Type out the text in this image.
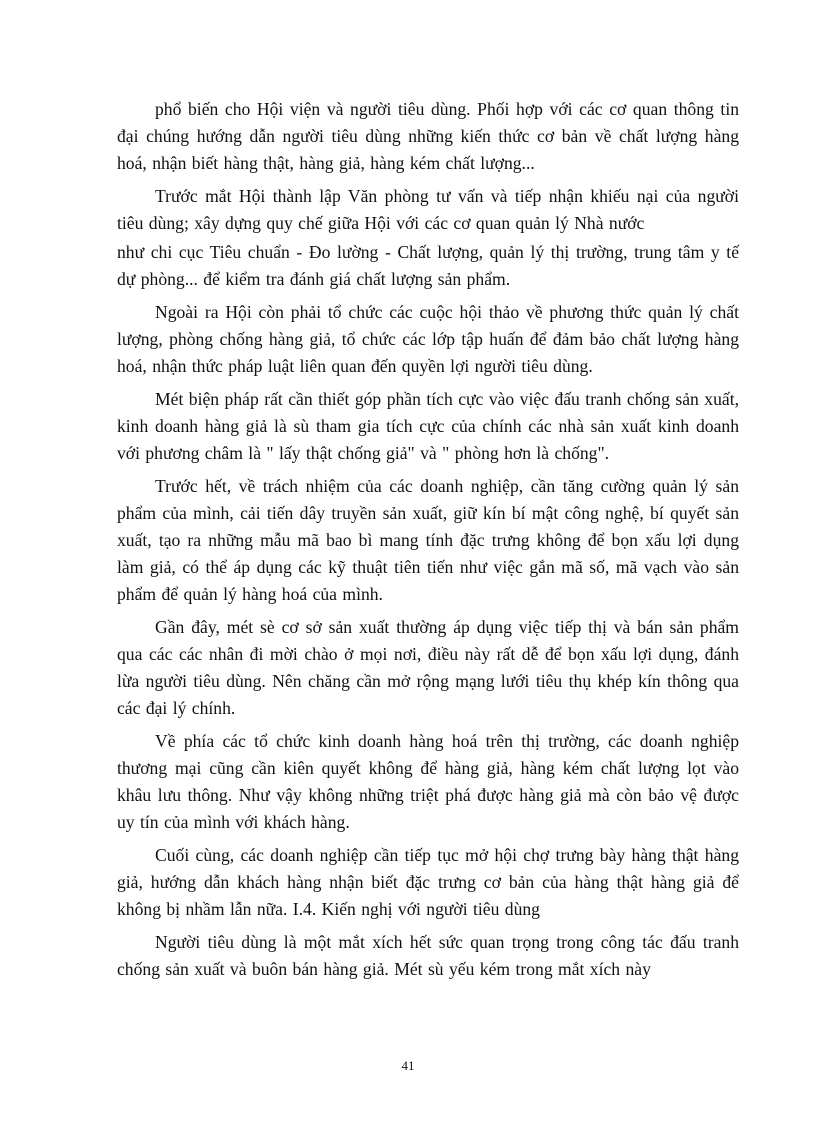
phổ biến cho Hội viện và người tiêu dùng. Phối hợp với các cơ quan thông tin đại chúng hướng dẫn người tiêu dùng những kiến thức cơ bản về chất lượng hàng hoá, nhận biết hàng thật, hàng giả, hàng kém chất lượng...

Trước mắt Hội thành lập Văn phòng tư vấn và tiếp nhận khiếu nại của người tiêu dùng; xây dựng quy chế giữa Hội với các cơ quan quản lý Nhà nước

như chi cục Tiêu chuẩn - Đo lường - Chất lượng, quản lý thị trường, trung tâm y tế dự phòng... để kiểm tra đánh giá chất lượng sản phẩm.

Ngoài ra Hội còn phải tổ chức các cuộc hội thảo về phương thức quản lý chất lượng, phòng chống hàng giả, tổ chức các lớp tập huấn để đảm bảo chất lượng hàng hoá, nhận thức pháp luật liên quan đến quyền lợi người tiêu dùng.

Mét biện pháp rất cần thiết góp phần tích cực vào việc đấu tranh chống sản xuất, kinh doanh hàng giả là sù tham gia tích cực của chính các nhà sản xuất kinh doanh với phương châm là " lấy thật chống giả" và " phòng hơn là chống".

Trước hết, về trách nhiệm của các doanh nghiệp, cần tăng cường quản lý sản phẩm của mình, cải tiến dây truyền sản xuất, giữ kín bí mật công nghệ, bí quyết sản xuất, tạo ra những mẫu mã bao bì mang tính đặc trưng không để bọn xấu lợi dụng làm giả, có thể áp dụng các kỹ thuật tiên tiến như việc gắn mã số, mã vạch vào sản phẩm để quản lý hàng hoá của mình.

Gần đây, mét sè cơ sở sản xuất thường áp dụng việc tiếp thị và bán sản phẩm qua các các nhân đi mời chào ở mọi nơi, điều này rất dễ để bọn xấu lợi dụng, đánh lừa người tiêu dùng. Nên chăng cần mở rộng mạng lưới tiêu thụ khép kín thông qua các đại lý chính.

Về phía các tổ chức kinh doanh hàng hoá trên thị trường, các doanh nghiệp thương mại cũng cần kiên quyết không để hàng giả, hàng kém chất lượng lọt vào khâu lưu thông. Như vậy không những triệt phá được hàng giả mà còn bảo vệ được uy tín của mình với khách hàng.

Cuối cùng, các doanh nghiệp cần tiếp tục mở hội chợ trưng bày hàng thật hàng giả, hướng dẫn khách hàng nhận biết đặc trưng cơ bản của hàng thật hàng giả để không bị nhầm lẫn nữa. I.4. Kiến nghị với người tiêu dùng

Người tiêu dùng là một mắt xích hết sức quan trọng trong công tác đấu tranh chống sản xuất và buôn bán hàng giả. Mét sù yếu kém trong mắt xích này

41
